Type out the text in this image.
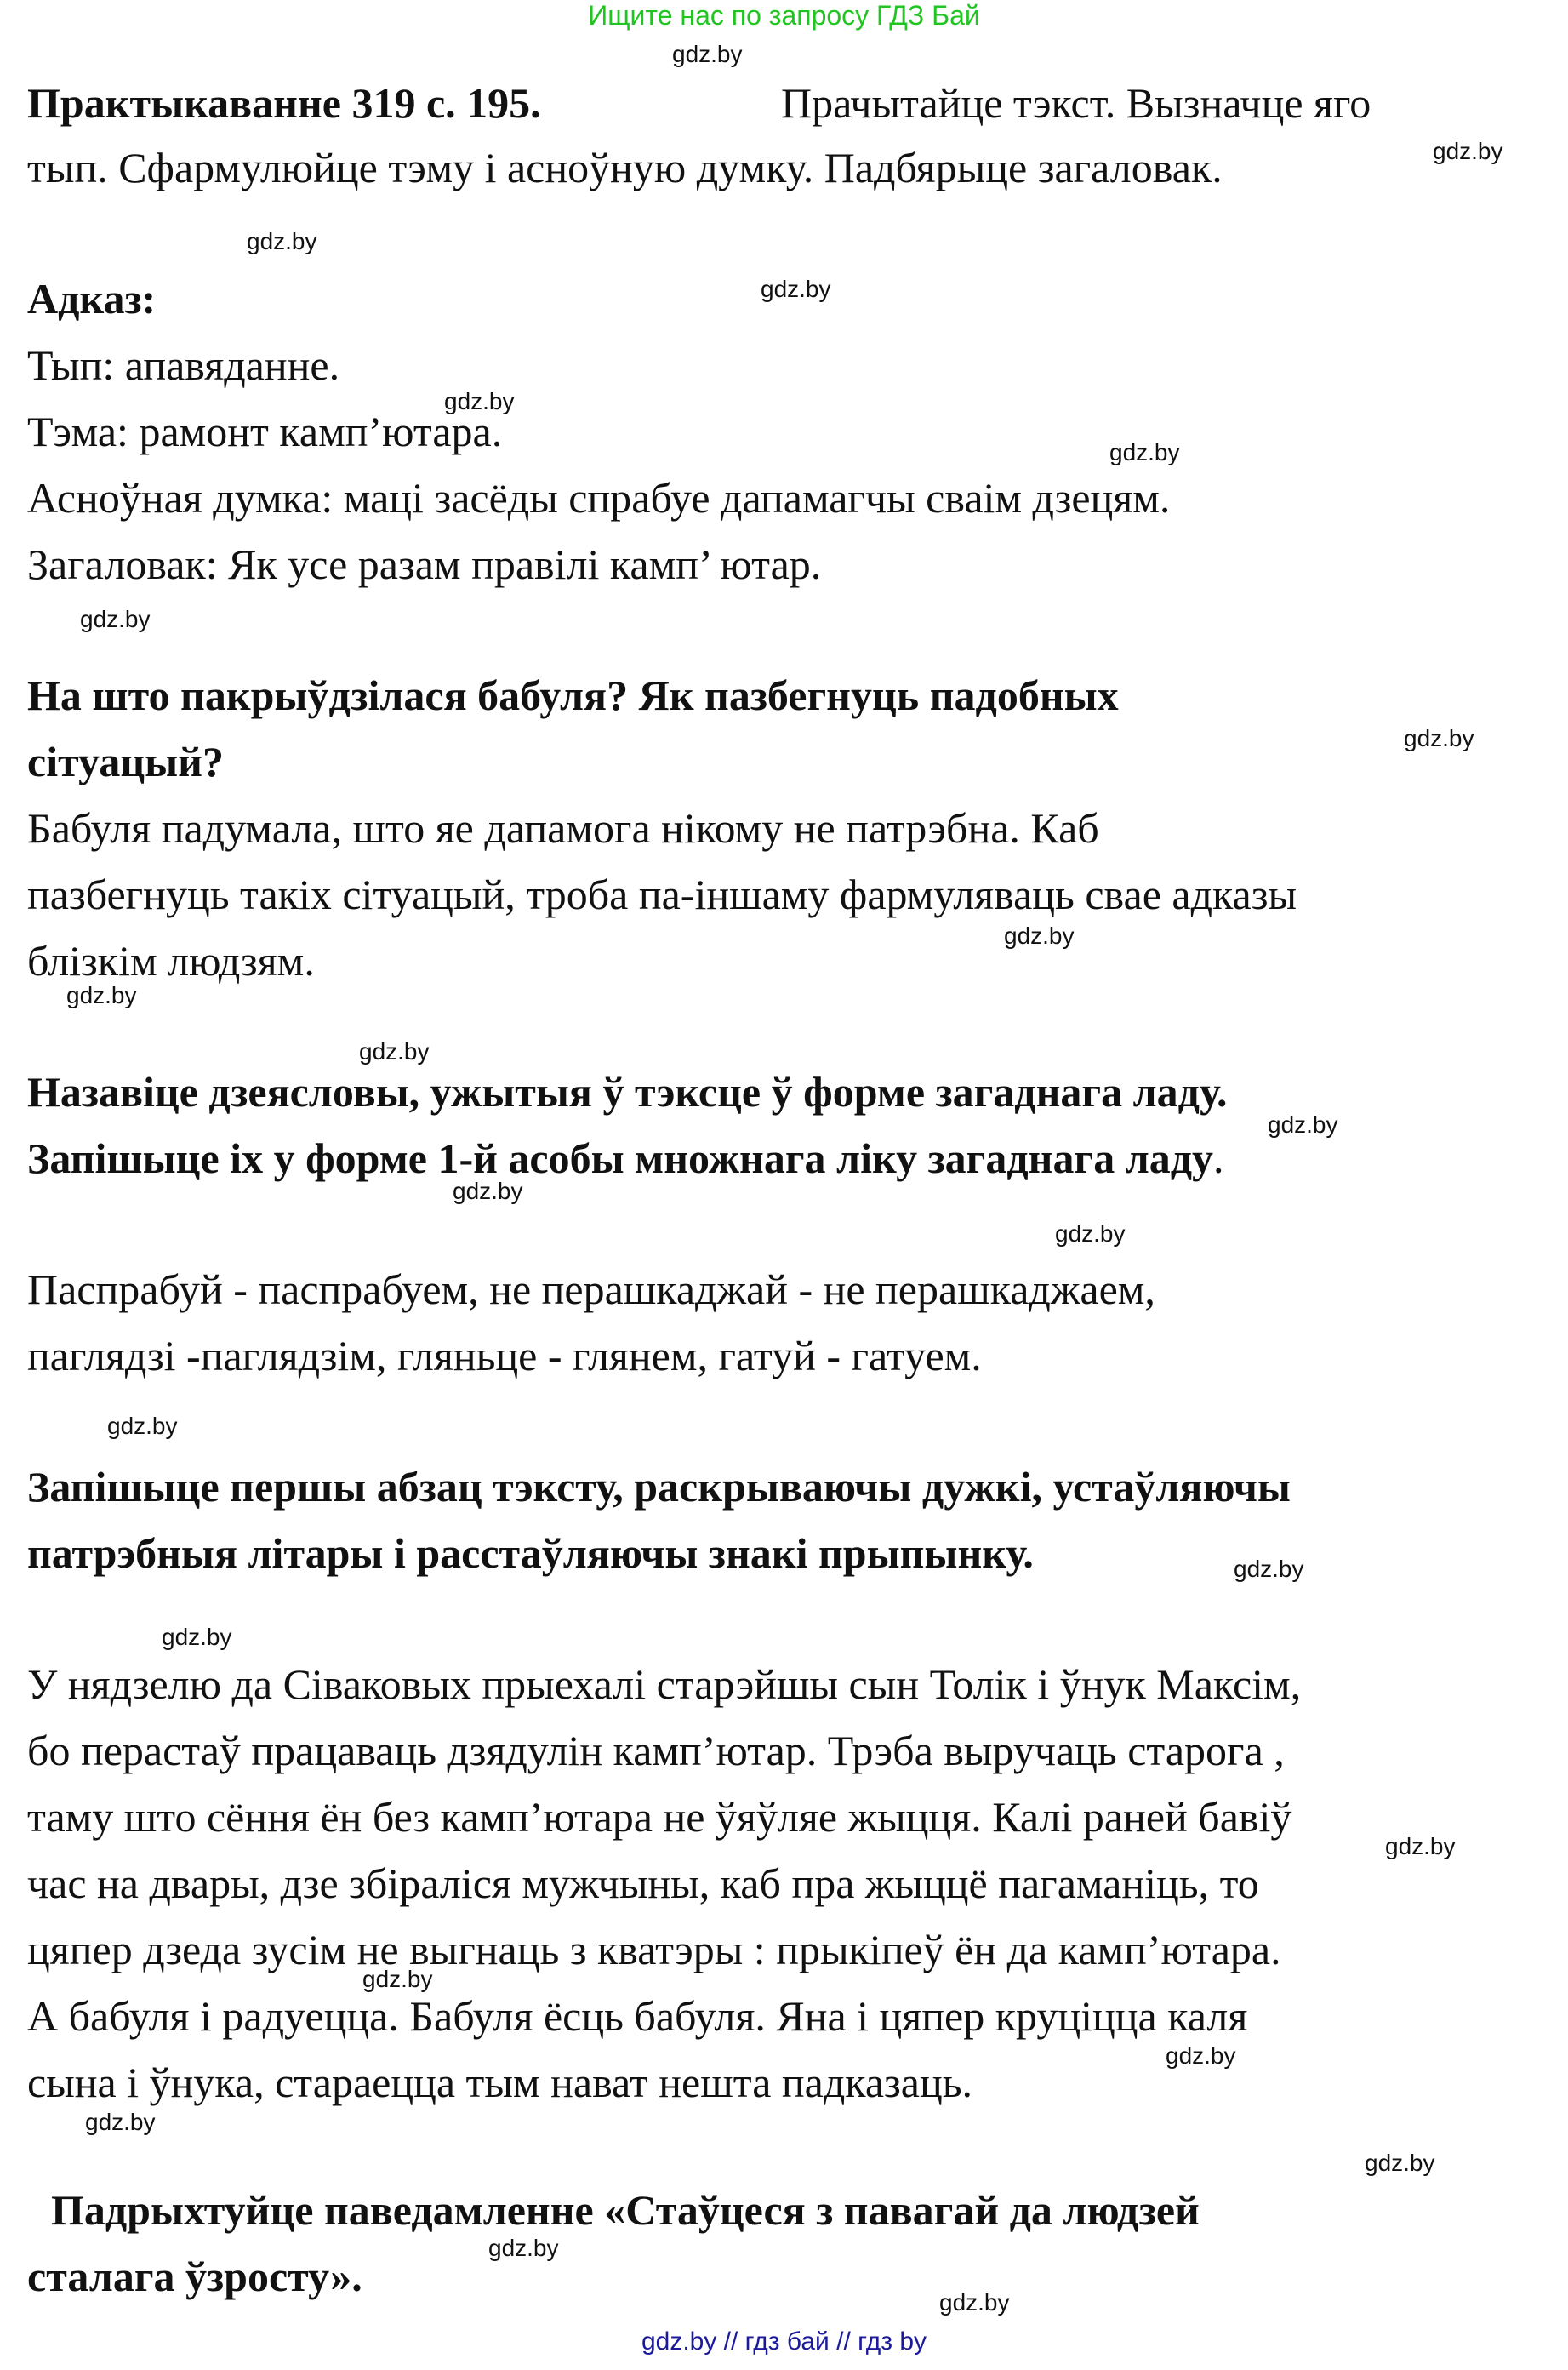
Ищите нас по запросу ГДЗ Бай
Практыкаванне 319 с. 195.	Прачытайце тэкст. Вызначце яго
тып. Сфармулюйце тэму і асноўную думку. Падбярыце загаловак.
Адказ:
Тып: апавяданне.
Тэма: рамонт камп’ютара.
Асноўная думка: маці засёды спрабуе дапамагчы сваім дзецям.
Загаловак: Як усе разам правілі камп’ ютар.
На што пакрыўдзілася бабуля? Як пазбегнуць падобных
сітуацый?
Бабуля падумала, што яе дапамога нікому не патрэбна. Каб
пазбегнуць такіх сітуацый, троба па-іншаму фармуляваць свае адказы
блізкім людзям.
Назавіце дзеясловы, ужытыя ў тэксце ў форме загаднага ладу.
Запішыце іх у форме 1-й асобы множнага ліку загаднага ладу.
Паспрабуй - паспрабуем, не перашкаджай - не перашкаджаем,
паглядзі -паглядзім, гляньце - глянем, гатуй - гатуем.
Запішыце першы абзац тэксту, раскрываючы дужкі, устаўляючы
патрэбныя літары і расстаўляючы знакі прыпынку.
У нядзелю да Сіваковых прыехалі старэйшы сын Толік і ўнук Максім,
бо перастаў працаваць дзядулін камп’ютар. Трэба выручаць старога ,
таму што сёння ён без камп’ютара не ўяўляе жыцця. Калі раней бавіў
час на двары, дзе збіраліся мужчыны, каб пра жыццё пагаманіць, то
цяпер дзеда зусім не выгнаць з кватэры : прыкіпеў ён да камп’ютара.
А бабуля і радуецца. Бабуля ёсць бабуля. Яна і цяпер круціцца каля
сына і ўнука, стараецца тым нават нешта падказаць.
Падрыхтуйце паведамленне «Стаўцеся з павагай да людзей
сталага ўзросту».
gdz.by
gdz.by
gdz.by
gdz.by
gdz.by
gdz.by
gdz.by
gdz.by
gdz.by
gdz.by
gdz.by
gdz.by
gdz.by
gdz.by
gdz.by
gdz.by
gdz.by
gdz.by
gdz.by
gdz.by
gdz.by
gdz.by
gdz.by
gdz.by
gdz.by // гдз бай // гдз by
